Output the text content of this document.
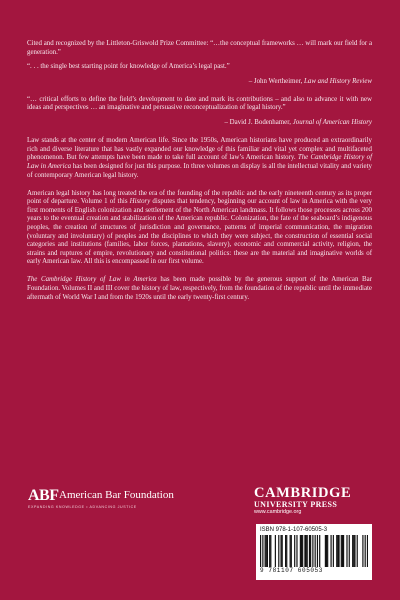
Cited and recognized by the Littleton-Griswold Prize Committee: “…the conceptual frameworks … will mark our field for a generation.”

“. . . the single best starting point for knowledge of America’s legal past.”

– John Wertheimer, Law and History Review

“… critical efforts to define the field’s development to date and mark its contributions – and also to advance it with new ideas and perspectives … an imaginative and persuasive reconceptualization of legal history.”

– David J. Bodenhamer, Journal of American History

Law stands at the center of modern American life. Since the 1950s, American historians have produced an extraordinarily rich and diverse literature that has vastly expanded our knowledge of this familiar and vital yet complex and multifaceted phenomenon. But few attempts have been made to take full account of law’s American history. The Cambridge History of Law in America has been designed for just this purpose. In three volumes on display is all the intellectual vitality and variety of contemporary American legal history.

American legal history has long treated the era of the founding of the republic and the early nineteenth century as its proper point of departure. Volume 1 of this History disputes that tendency, beginning our account of law in America with the very first moments of English colonization and settlement of the North American landmass. It follows those processes across 200 years to the eventual creation and stabilization of the American republic. Colonization, the fate of the seaboard’s indigenous peoples, the creation of structures of jurisdiction and governance, patterns of imperial communication, the migration (voluntary and involuntary) of peoples and the disciplines to which they were subject, the construction of essential social categories and institutions (families, labor forces, plantations, slavery), economic and commercial activity, religion, the strains and ruptures of empire, revolutionary and constitutional politics: these are the material and imaginative worlds of early American law. All this is encompassed in our first volume.

The Cambridge History of Law in America has been made possible by the generous support of the American Bar Foundation. Volumes II and III cover the history of law, respectively, from the foundation of the republic until the immediate aftermath of World War I and from the 1920s until the early twenty-first century.

ABF American Bar Foundation
EXPANDING KNOWLEDGE • ADVANCING JUSTICE
CAMBRIDGE
UNIVERSITY PRESS
www.cambridge.org
ISBN 978-1-107-60505-3
9 781107 605053
